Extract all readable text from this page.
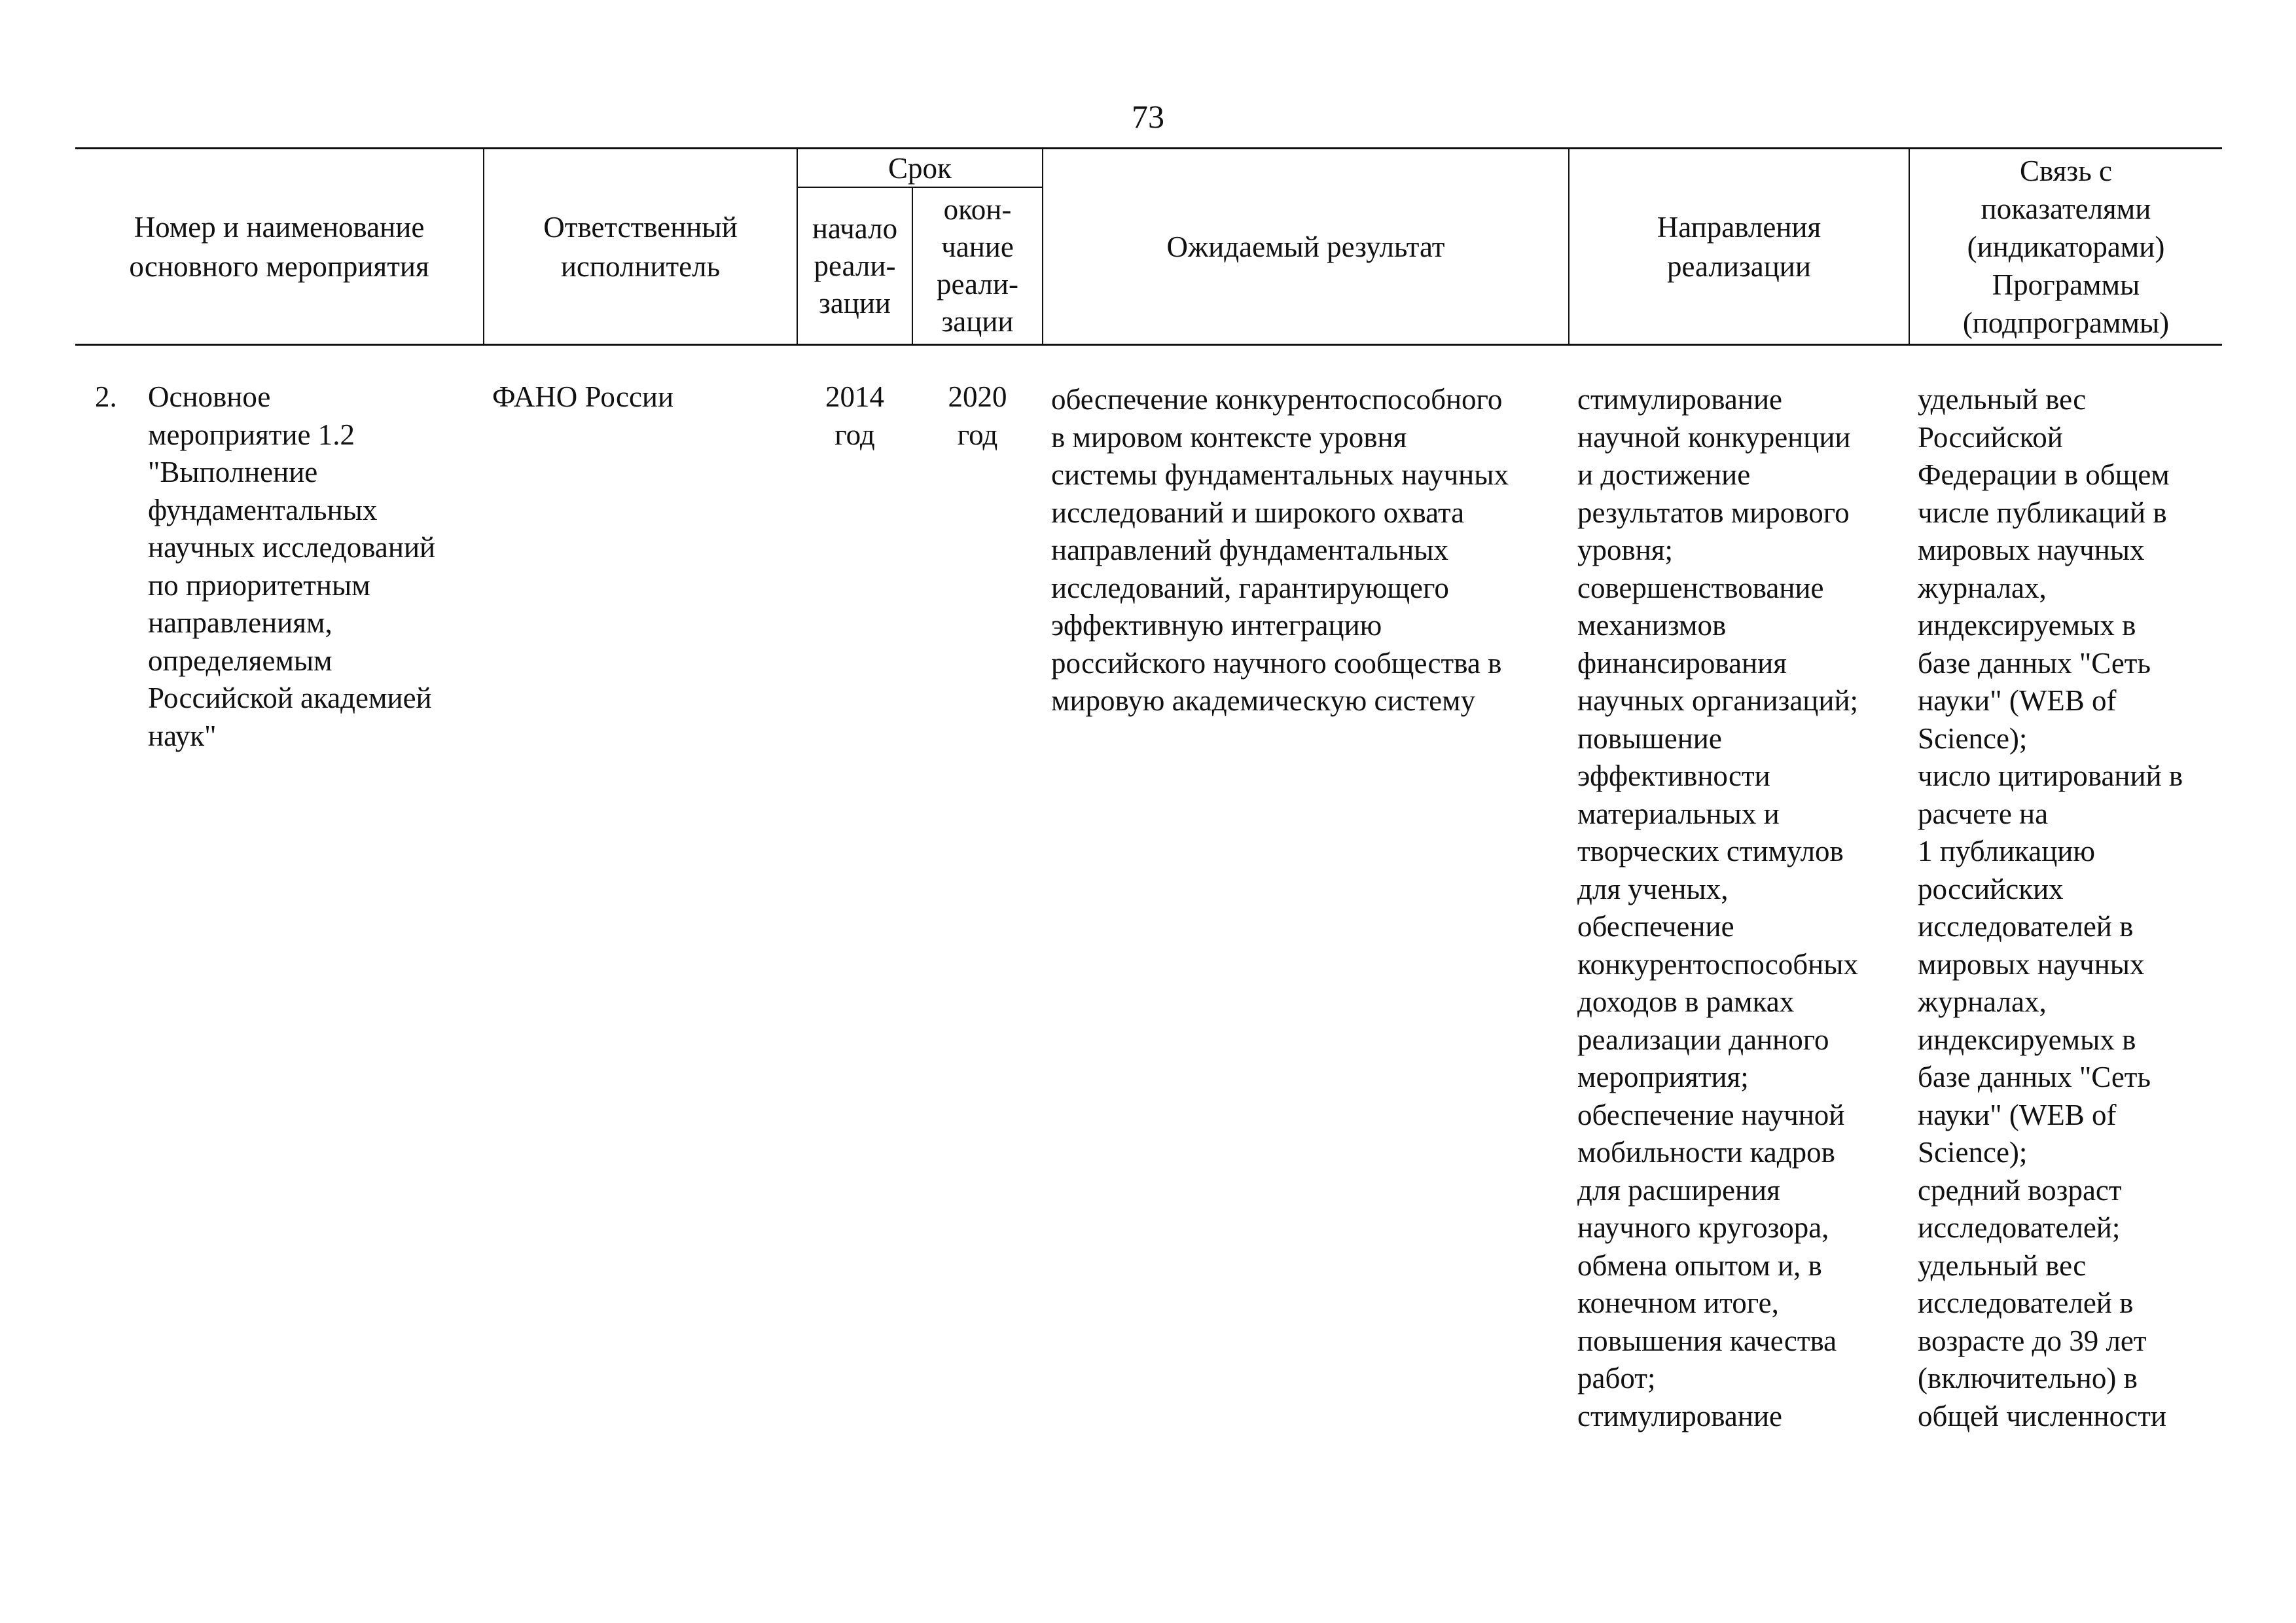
73
Номер и наименование
основного мероприятия
Ответственный
исполнитель
Срок
начало
реали-
зации
окон-
чание
реали-
зации
Ожидаемый результат
Направления
реализации
Связь с
показателями
(индикаторами)
Программы
(подпрограммы)
2.	Основное
мероприятие 1.2
"Выполнение
фундаментальных
научных исследований
по приоритетным
направлениям,
определяемым
Российской академией
наук"
ФАНО России	2014
год
2020
год
обеспечение конкурентоспособного
в мировом контексте уровня
системы фундаментальных научных
исследований и широкого охвата
направлений фундаментальных
исследований, гарантирующего
эффективную интеграцию
российского научного сообщества в
мировую академическую систему
стимулирование
научной конкуренции
и достижение
результатов мирового
уровня;
совершенствование
механизмов
финансирования
научных организаций;
повышение
эффективности
материальных и
творческих стимулов
для ученых,
обеспечение
конкурентоспособных
доходов в рамках
реализации данного
мероприятия;
обеспечение научной
мобильности кадров
для расширения
научного кругозора,
обмена опытом и, в
конечном итоге,
повышения качества
работ;
стимулирование
удельный вес
Российской
Федерации в общем
числе публикаций в
мировых научных
журналах,
индексируемых в
базе данных "Сеть
науки" (WEB of
Science);
число цитирований в
расчете на
1 публикацию
российских
исследователей в
мировых научных
журналах,
индексируемых в
базе данных "Сеть
науки" (WEB of
Science);
средний возраст
исследователей;
удельный вес
исследователей в
возрасте до 39 лет
(включительно) в
общей численности
